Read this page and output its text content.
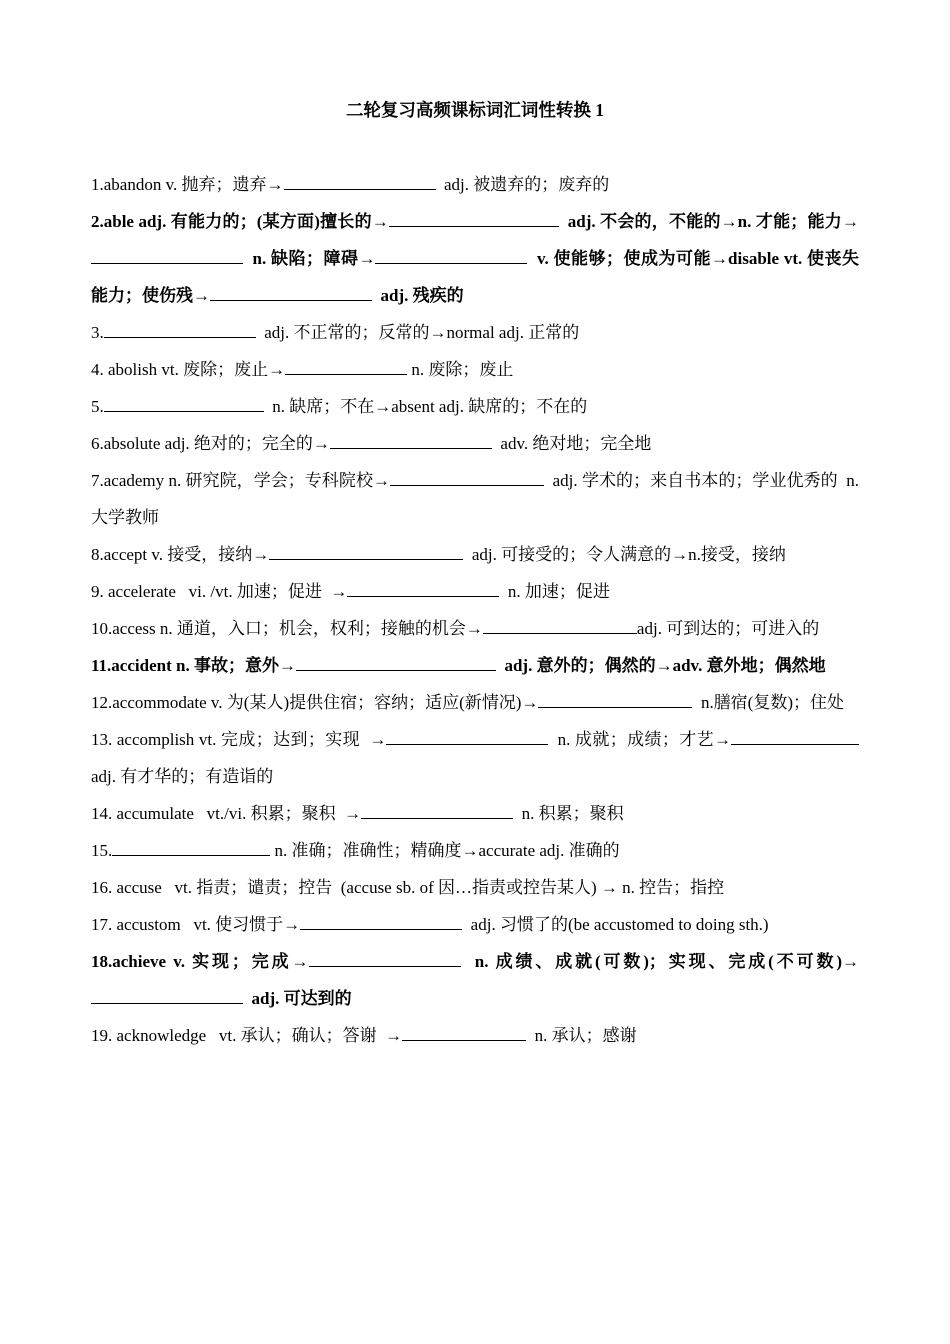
二轮复习高频课标词汇词性转换 1

1.abandon v. 抛弃；遗弃→	adj. 被遗弃的；废弃的

2.able adj. 有能力的；(某方面)擅长的→	adj. 不会的，不能的→n. 才能；能力→  n. 缺陷；障碍→	v. 使能够；使成为可能→disable vt. 使丧失能力；使伤残→	adj. 残疾的

3.	adj. 不正常的；反常的→normal adj. 正常的

4. abolish vt. 废除；废止→	n. 废除；废止

5.	n. 缺席；不在→absent adj. 缺席的；不在的

6.absolute adj. 绝对的；完全的→	adv. 绝对地；完全地

7.academy n. 研究院，学会；专科院校→	adj. 学术的；来自书本的；学业优秀的  n. 大学教师

8.accept v. 接受，接纳→	adj. 可接受的；令人满意的→n.接受，接纳

9. accelerate   vi. /vt. 加速；促进  →	n. 加速；促进

10.access n. 通道，入口；机会，权利；接触的机会→	adj. 可到达的；可进入的

11.accident n. 事故；意外→	adj. 意外的；偶然的→adv. 意外地；偶然地

12.accommodate v. 为(某人)提供住宿；容纳；适应(新情况)→	n.膳宿(复数)；住处

13. accomplish vt. 完成；达到；实现  →	n. 成就；成绩；才艺→	adj. 有才华的；有造诣的

14. accumulate   vt./vi. 积累；聚积  →	n. 积累；聚积

15.	n. 准确；准确性；精确度→accurate adj. 准确的

16. accuse   vt. 指责；谴责；控告  (accuse sb. of 因…指责或控告某人) → n. 控告；指控

17. accustom   vt. 使习惯于→	adj. 习惯了的(be accustomed to doing sth.)

18.achieve v. 实现；完成→	n. 成绩、成就(可数)；实现、完成(不可数)→  adj. 可达到的

19. acknowledge   vt. 承认；确认；答谢  →	n. 承认；感谢
